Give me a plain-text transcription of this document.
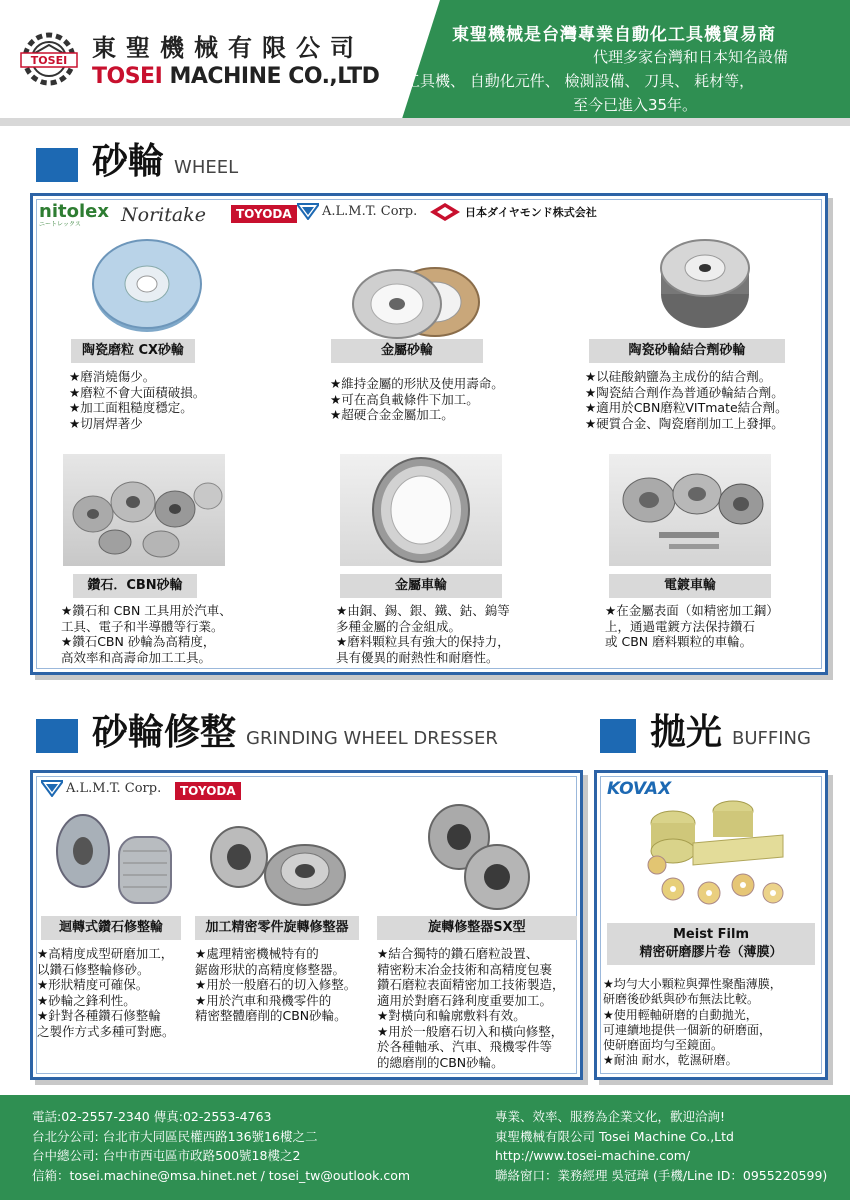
TOSEI 東聖機械有限公司
TOSEI MACHINE CO.,LTD
東聖機械是台灣專業自動化工具機貿易商
代理多家台灣和日本知名設備
工具機、 自動化元件、 檢測設備、 刀具、 耗材等，
至今已進入35年。
砂輪 WHEEL
nitolex
ニートレックス	Noritake	TOYODA	A.L.M.T. Corp.	日本ダイヤモンド株式会社
陶瓷磨粒 CX砂輪	金屬砂輪	陶瓷砂輪結合劑砂輪
★磨消燒傷少。
★磨粒不會大面積破損。
★加工面粗糙度穩定。
★切屑焊著少
★維持金屬的形狀及使用壽命。
★可在高負載條件下加工。
★超硬合金金屬加工。
★以硅酸鈉鹽為主成份的結合劑。
★陶瓷結合劑作為普通砂輪結合劑。
★適用於CBN磨粒VITmate結合劑。
★硬質合金、陶瓷磨削加工上發揮。
鑽石．CBN砂輪	金屬車輪	電鍍車輪
★鑽石和 CBN 工具用於汽車、
工具、電子和半導體等行業。
★鑽石CBN 砂輪為高精度，
高效率和高壽命加工工具。
★由銅、錫、銀、鐵、鈷、鎢等
多種金屬的合金組成。
★磨料顆粒具有強大的保持力，
具有優異的耐熱性和耐磨性。
★在金屬表面（如精密加工鋼）
上，通過電鍍方法保持鑽石
或 CBN 磨料顆粒的車輪。
砂輪修整 GRINDING WHEEL DRESSER
A.L.M.T. Corp.	TOYODA
迴轉式鑽石修整輪	加工精密零件旋轉修整器	旋轉修整器SX型
★高精度成型研磨加工，
以鑽石修整輪修砂。
★形狀精度可確保。
★砂輪之鋒利性。
★針對各種鑽石修整輪
之製作方式多種可對應。
★處理精密機械特有的
鋸齒形狀的高精度修整器。
★用於一般磨石的切入修整。
★用於汽車和飛機零件的
精密整體磨削的CBN砂輪。
★結合獨特的鑽石磨粒設置、
精密粉末冶金技術和高精度包裹
鑽石磨粒表面精密加工技術製造，
適用於對磨石鋒利度重要加工。
★對橫向和輪廓敷料有效。
★用於一般磨石切入和橫向修整，
於各種軸承、汽車、飛機零件等
的總磨削的CBN砂輪。
拋光 BUFFING
KOVAX
Meist Film
精密研磨膠片卷（薄膜）
★均勻大小顆粒與彈性聚酯薄膜，
研磨後砂紙與砂布無法比較。
★使用輕軸研磨的自動拋光，
可連續地提供一個新的研磨面，
使研磨面均勻至鏡面。
★耐油 耐水，乾濕研磨。
電話:02-2557-2340 傳真:02-2553-4763
台北分公司: 台北市大同區民權西路136號16樓之二
台中總公司: 台中市西屯區市政路500號18樓之2
信箱：tosei.machine@msa.hinet.net / tosei_tw@outlook.com
專業、效率、服務為企業文化，歡迎洽詢!
東聖機械有限公司 Tosei Machine Co.,Ltd
http://www.tosei-machine.com/
聯絡窗口：業務經理 吳冠璋 (手機/Line ID：0955220599)
